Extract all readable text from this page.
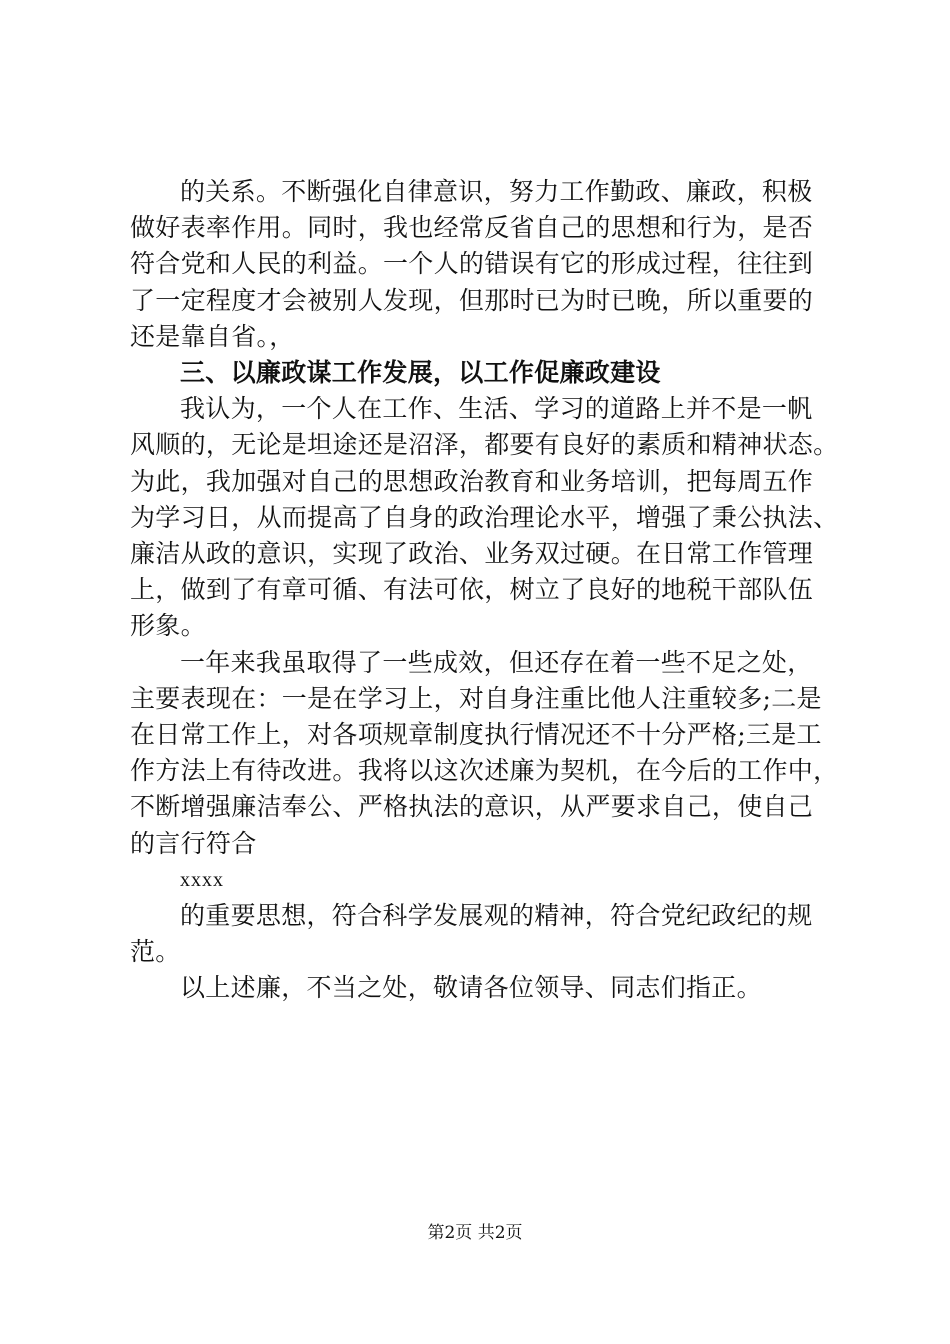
的关系。不断强化自律意识，努力工作勤政、廉政，积极
做好表率作用。同时，我也经常反省自己的思想和行为，是否
符合党和人民的利益。一个人的错误有它的形成过程，往往到
了一定程度才会被别人发现，但那时已为时已晚，所以重要的
还是靠自省。，
三、以廉政谋工作发展，以工作促廉政建设
我认为，一个人在工作、生活、学习的道路上并不是一帆
风顺的，无论是坦途还是沼泽，都要有良好的素质和精神状态。
为此，我加强对自己的思想政治教育和业务培训，把每周五作
为学习日，从而提高了自身的政治理论水平，增强了秉公执法、
廉洁从政的意识，实现了政治、业务双过硬。在日常工作管理
上，做到了有章可循、有法可依，树立了良好的地税干部队伍
形象。
一年来我虽取得了一些成效，但还存在着一些不足之处，
主要表现在：一是在学习上，对自身注重比他人注重较多;二是
在日常工作上，对各项规章制度执行情况还不十分严格;三是工
作方法上有待改进。我将以这次述廉为契机，在今后的工作中，
不断增强廉洁奉公、严格执法的意识，从严要求自己，使自己
的言行符合
xxxx
的重要思想，符合科学发展观的精神，符合党纪政纪的规
范。
以上述廉，不当之处，敬请各位领导、同志们指正。
第2页 共2页
